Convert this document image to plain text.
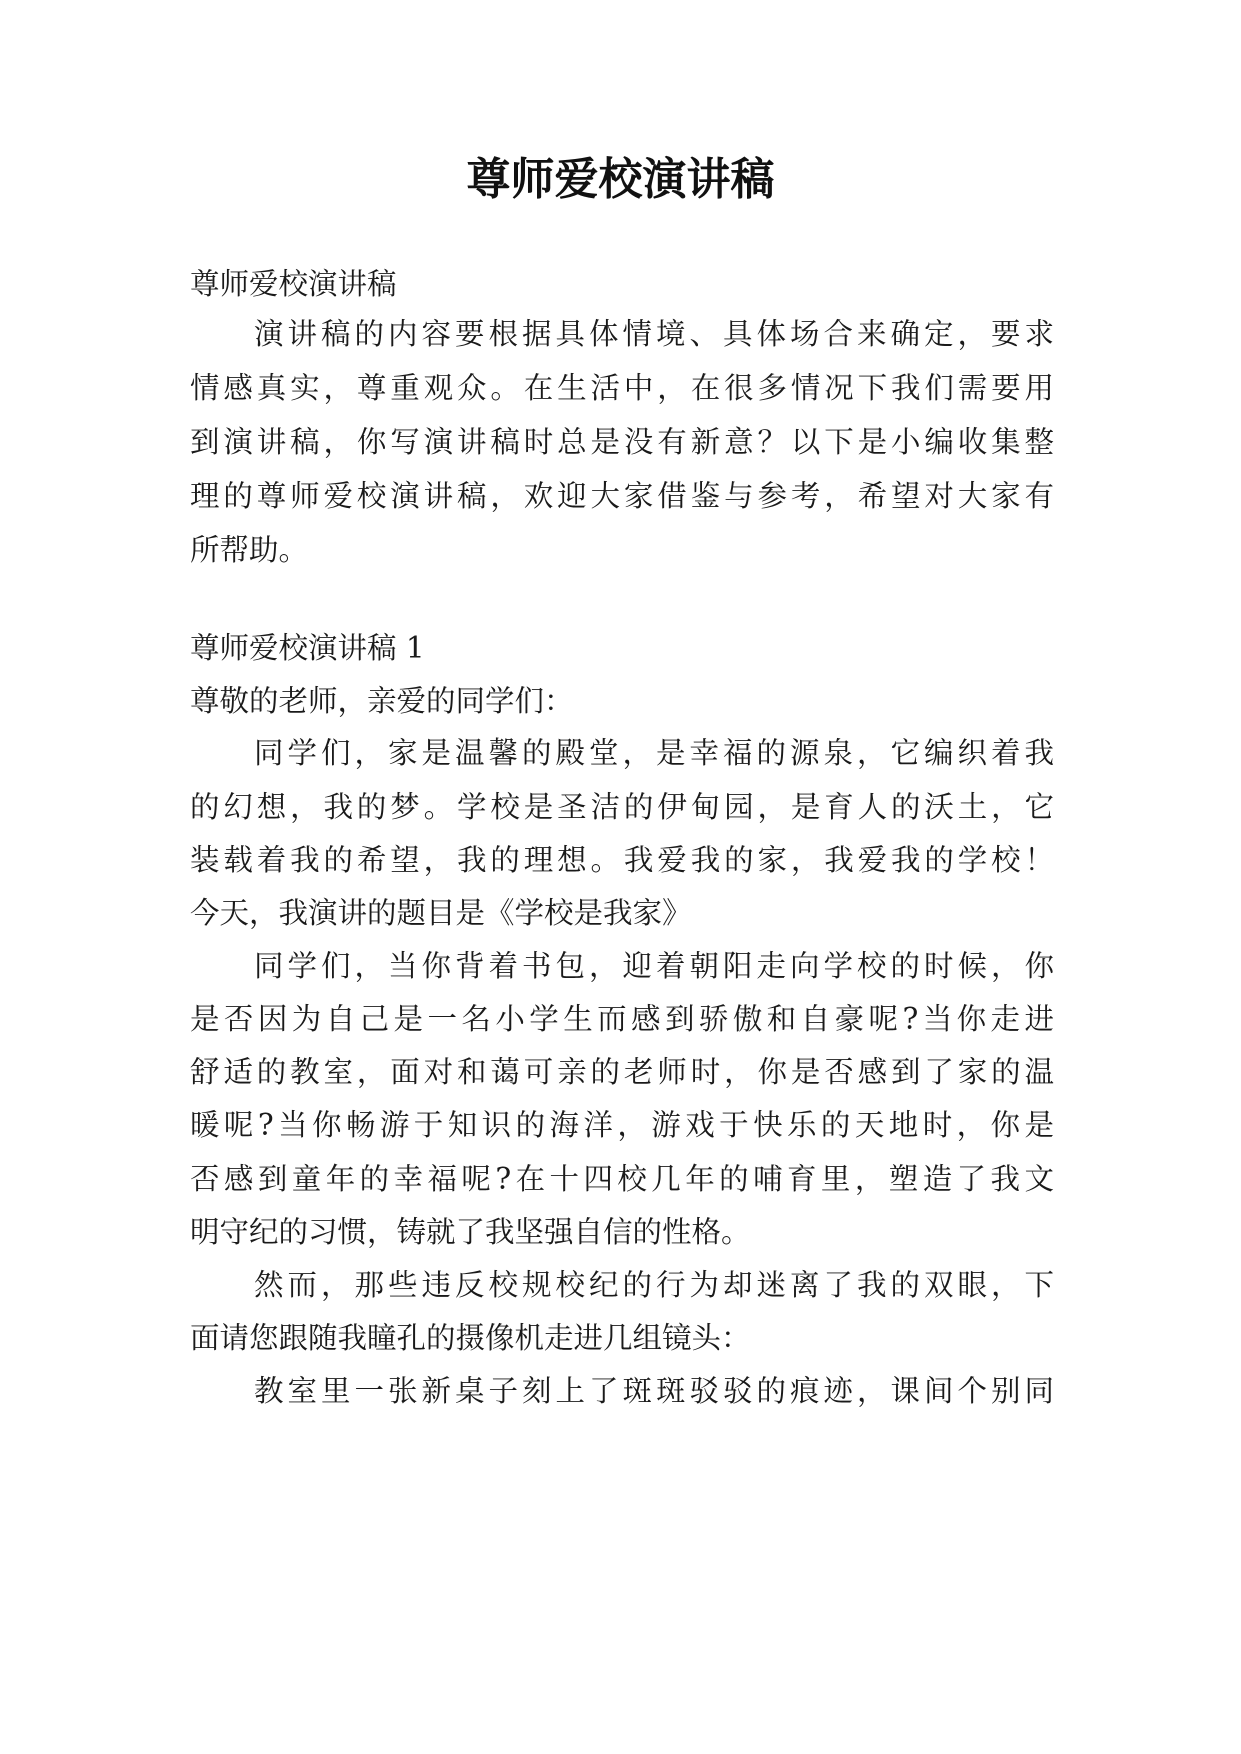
尊师爱校演讲稿
尊师爱校演讲稿
演讲稿的内容要根据具体情境、具体场合来确定，要求
情感真实，尊重观众。在生活中，在很多情况下我们需要用
到演讲稿，你写演讲稿时总是没有新意？以下是小编收集整
理的尊师爱校演讲稿，欢迎大家借鉴与参考，希望对大家有
所帮助。
尊师爱校演讲稿 1
尊敬的老师，亲爱的同学们：
同学们，家是温馨的殿堂，是幸福的源泉，它编织着我
的幻想，我的梦。学校是圣洁的伊甸园，是育人的沃土，它
装载着我的希望，我的理想。我爱我的家，我爱我的学校！
今天，我演讲的题目是《学校是我家》
同学们，当你背着书包，迎着朝阳走向学校的时候，你
是否因为自己是一名小学生而感到骄傲和自豪呢?当你走进
舒适的教室，面对和蔼可亲的老师时，你是否感到了家的温
暖呢?当你畅游于知识的海洋，游戏于快乐的天地时，你是
否感到童年的幸福呢?在十四校几年的哺育里，塑造了我文
明守纪的习惯，铸就了我坚强自信的性格。
然而，那些违反校规校纪的行为却迷离了我的双眼，下
面请您跟随我瞳孔的摄像机走进几组镜头：
教室里一张新桌子刻上了斑斑驳驳的痕迹，课间个别同
